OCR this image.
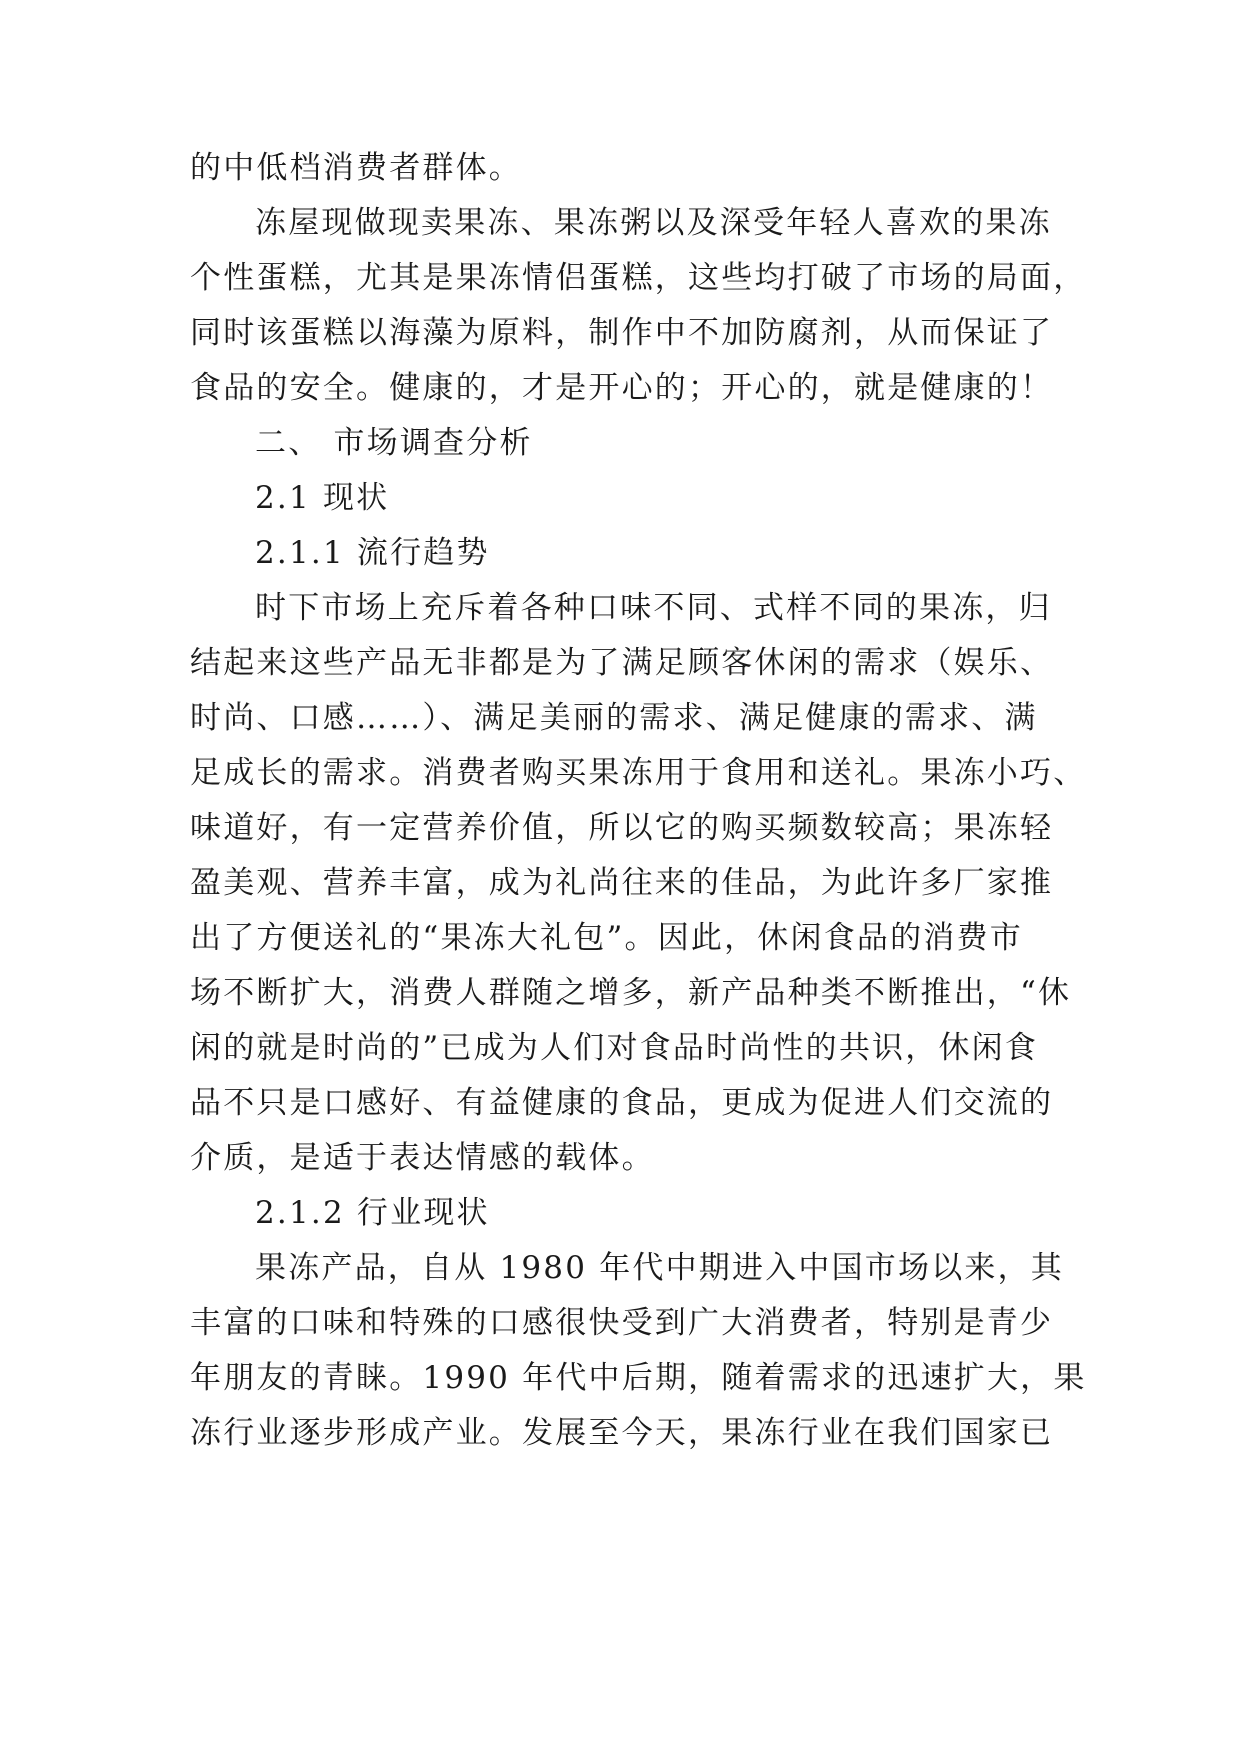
的中低档消费者群体。
冻屋现做现卖果冻、果冻粥以及深受年轻人喜欢的果冻
个性蛋糕，尤其是果冻情侣蛋糕，这些均打破了市场的局面，
同时该蛋糕以海藻为原料，制作中不加防腐剂，从而保证了
食品的安全。健康的，才是开心的；开心的，就是健康的！
二、 市场调查分析
2.1 现状
2.1.1 流行趋势
时下市场上充斥着各种口味不同、式样不同的果冻，归
结起来这些产品无非都是为了满足顾客休闲的需求（娱乐、
时尚、口感……）、满足美丽的需求、满足健康的需求、满
足成长的需求。消费者购买果冻用于食用和送礼。果冻小巧、
味道好，有一定营养价值，所以它的购买频数较高；果冻轻
盈美观、营养丰富，成为礼尚往来的佳品，为此许多厂家推
出了方便送礼的“果冻大礼包”。因此，休闲食品的消费市
场不断扩大，消费人群随之增多，新产品种类不断推出，“休
闲的就是时尚的”已成为人们对食品时尚性的共识，休闲食
品不只是口感好、有益健康的食品，更成为促进人们交流的
介质，是适于表达情感的载体。
2.1.2 行业现状
果冻产品，自从 1980 年代中期进入中国市场以来，其
丰富的口味和特殊的口感很快受到广大消费者，特别是青少
年朋友的青睐。1990 年代中后期，随着需求的迅速扩大，果
冻行业逐步形成产业。发展至今天，果冻行业在我们国家已
